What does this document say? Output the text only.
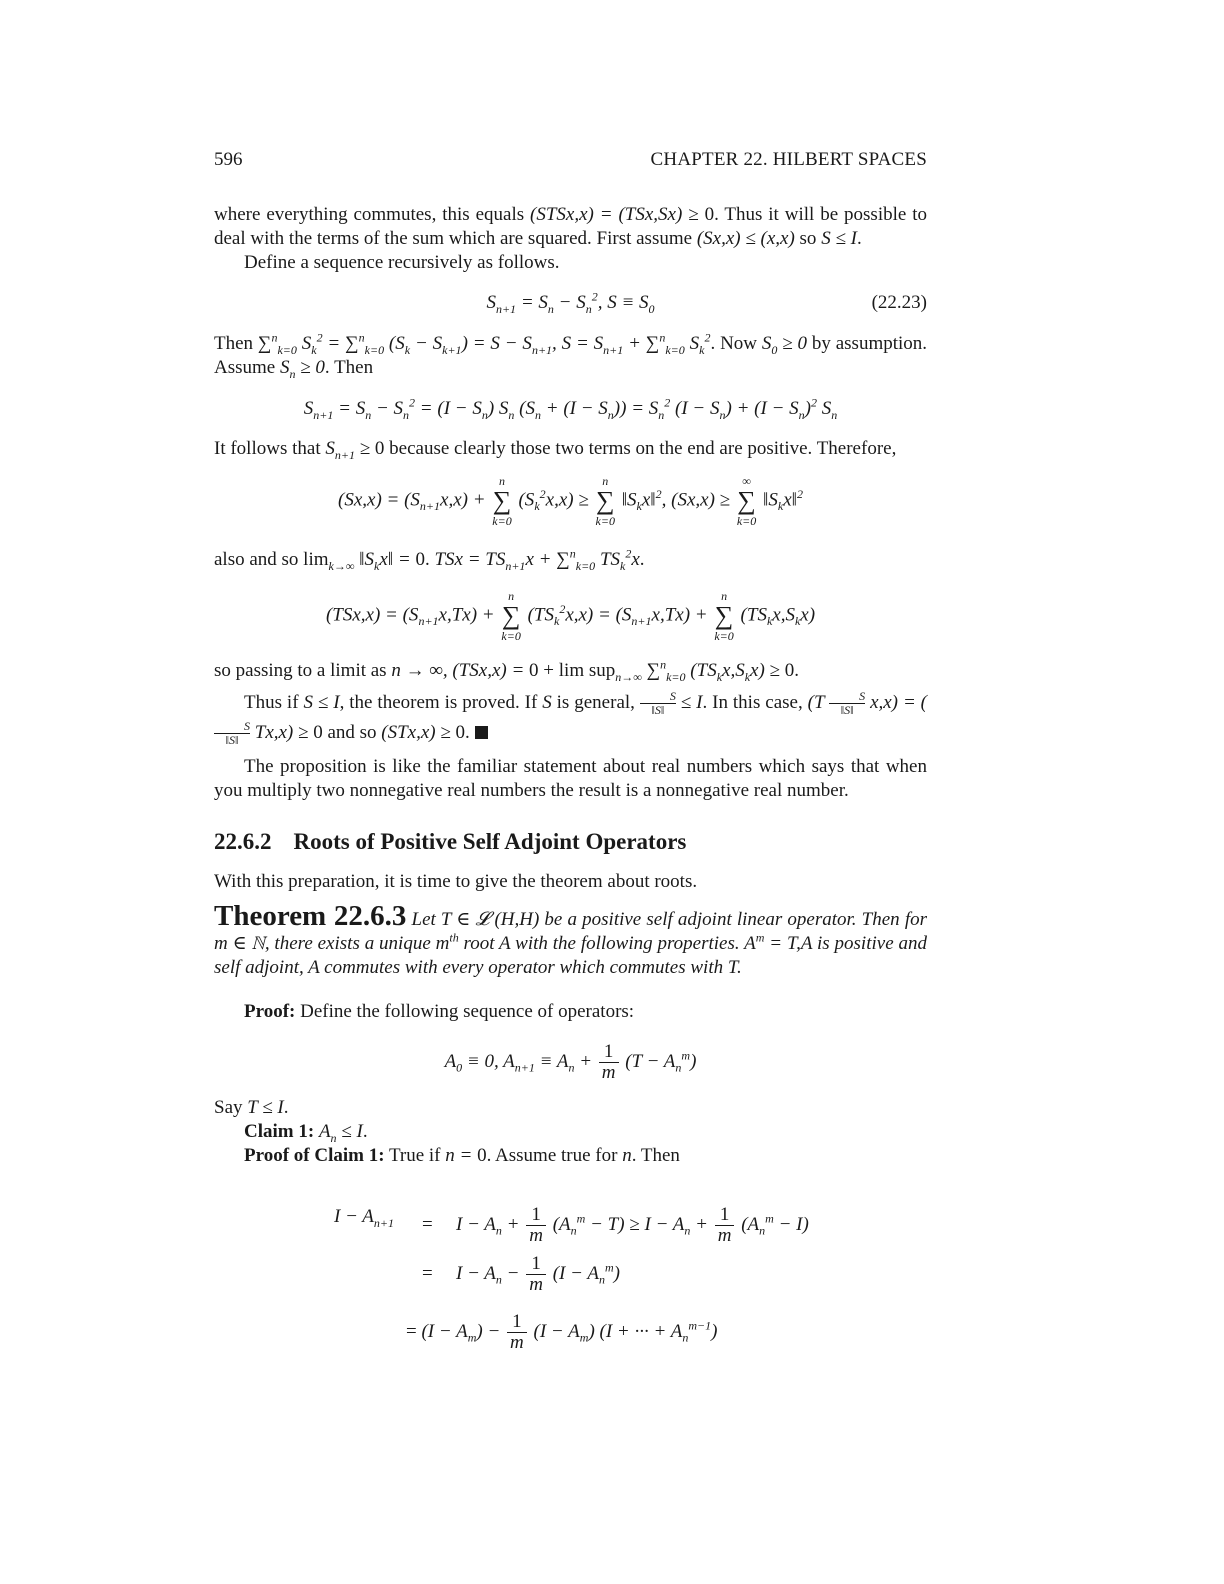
596	CHAPTER 22. HILBERT SPACES
where everything commutes, this equals (STSx,x) = (TSx,Sx) ≥ 0. Thus it will be possible to deal with the terms of the sum which are squared. First assume (Sx,x) ≤ (x,x) so S ≤ I.
Define a sequence recursively as follows.
$S_{n+1} = S_n - S_n^2$, $S \equiv S_0$	(22.23)
Then ∑$^n_{k=0}$ $S_k^2 = \sum^n_{k=0}$ $(S_k - S_{k+1}) = S - S_{n+1}$, $S = S_{n+1} + \sum^n_{k=0}$ $S_k^2$. Now $S_0 \ge 0$ by assumption. Assume $S_n \ge 0$. Then
$S_{n+1} = S_n - S_n^2 = (I - S_n)$ $S_n$ $(S_n + (I - S_n)) = S_n^2$ $(I - S_n) + (I - S_n)^2$ $S_n$
It follows that $S_{n+1} \ge 0$ because clearly those two terms on the end are positive. Therefore,
$(Sx,x) = (S_{n+1}x,x)$ +
n
∑
k=0
$(S_k^2x,x)$ ≥
n
∑
k=0
$‖S_kx‖^2$, (Sx,x) ≥
∞
∑
k=0
$‖S_kx‖^2$
also and so $\lim_{k\to\infty}$ $‖S_kx‖ = 0$. TSx = $TS_{n+1}x + \sum^n_{k=0}$ $TS_k^2x$.
$(TSx,x) = (S_{n+1}x,Tx)$ +
n
∑
k=0
$(TS_k^2x,x) = (S_{n+1}x,Tx)$ +
n
∑
k=0
$(TS_kx,S_kx)$
so passing to a limit as n → ∞, (TSx,x) = 0 + lim sup$_{n\to\infty}$ ∑$^n_{k=0}$ $(TS_kx,S_kx) \ge 0$.
Thus if S ≤ I, the theorem is proved. If S is general, $\frac{S}{‖S‖} \le I$. In this case, $(T \frac{S}{‖S‖} x,x)$ = (
$\frac{S}{‖S‖} Tx,x) \ge 0$ and so (STx,x) ≥ 0.
The proposition is like the familiar statement about real numbers which says that when you multiply two nonnegative real numbers the result is a nonnegative real number.
22.6.2 Roots of Positive Self Adjoint Operators
With this preparation, it is time to give the theorem about roots.
Theorem 22.6.3 Let T ∈ 𝓛 (H,H) be a positive self adjoint linear operator. Then for m ∈ ℕ, there exists a unique $m^{th}$ root A with the following properties. $A^m = T,A$ is positive and self adjoint, A commutes with every operator which commutes with T.
Proof: Define the following sequence of operators:
$A_0 \equiv 0$, $A_{n+1} \equiv A_n + \frac{1}{m} (T - A_n^m)$
Say T ≤ I.
Claim 1: $A_n \le I$.
Proof of Claim 1: True if n = 0. Assume true for n. Then
$I - A_{n+1} = I - A_n + \frac{1}{m} (A_n^m - T) \ge I - A_n + \frac{1}{m} (A_n^m - I)$
= $I - A_n - \frac{1}{m} (I - A_n^m)$
= $(I - A_m) - \frac{1}{m} (I - A_m)$ (I + ··· + $A_n^{m-1}$)
